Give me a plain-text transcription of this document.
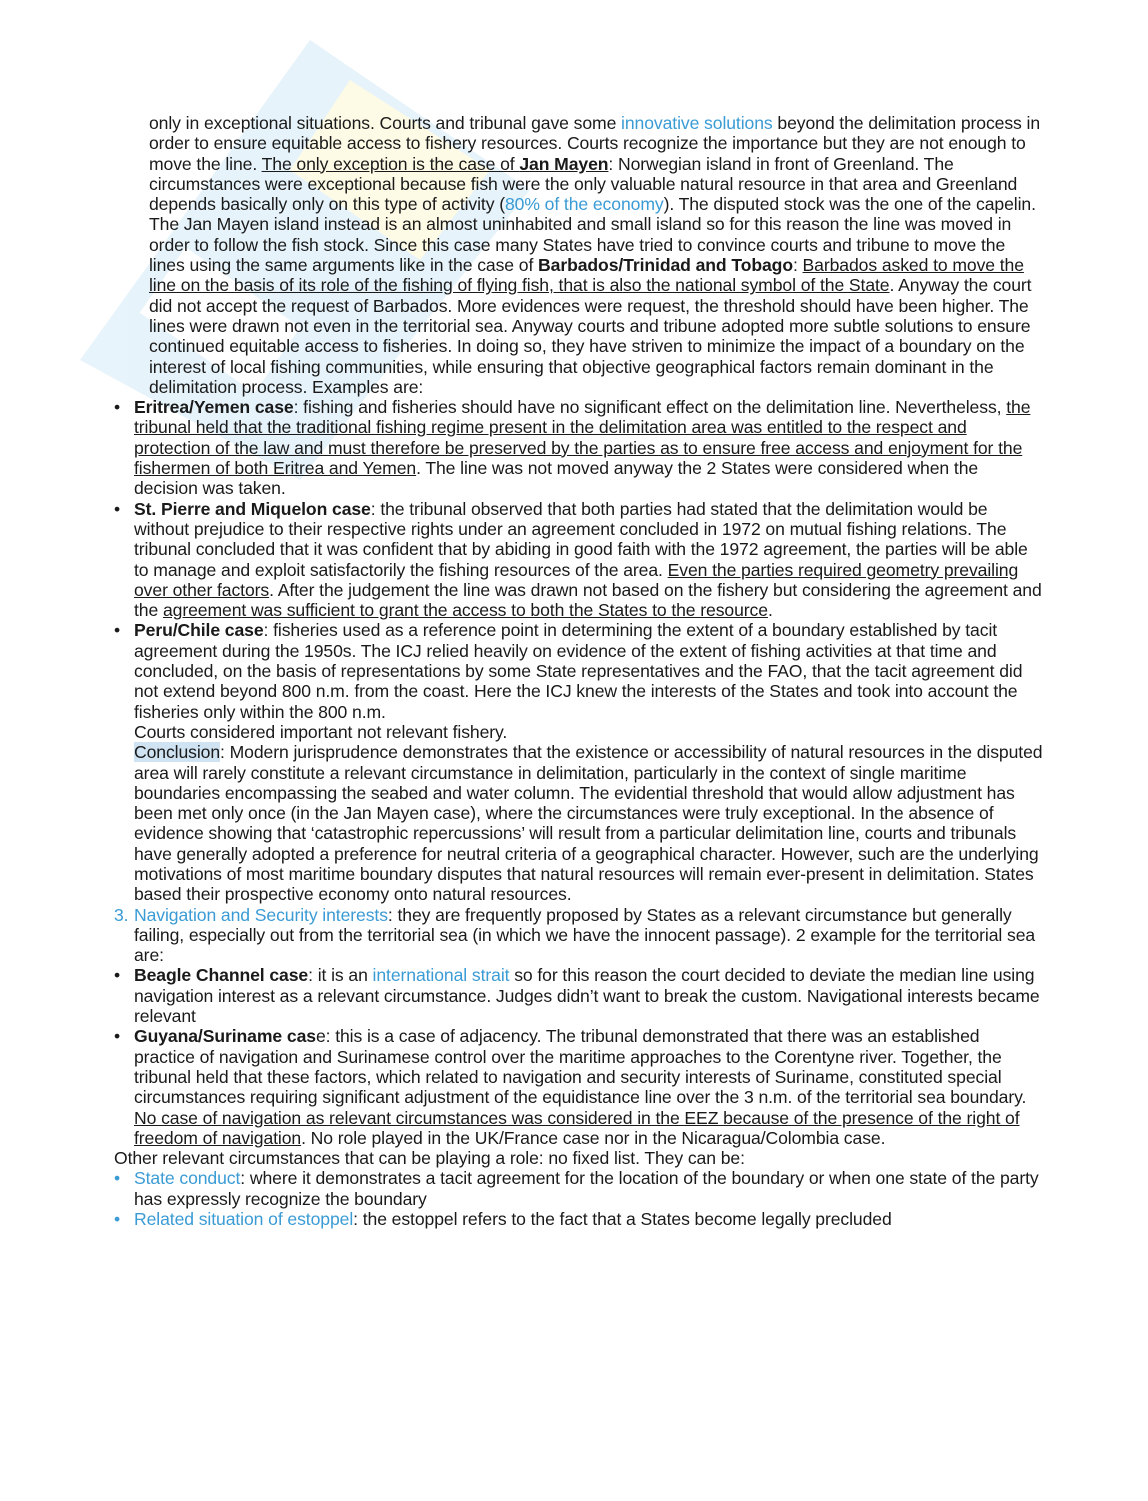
only in exceptional situations. Courts and tribunal gave some innovative solutions beyond the delimitation process in order to ensure equitable access to fishery resources. Courts recognize the importance but they are not enough to move the line. The only exception is the case of Jan Mayen: Norwegian island in front of Greenland. The circumstances were exceptional because fish were the only valuable natural resource in that area and Greenland depends basically only on this type of activity (80% of the economy). The disputed stock was the one of the capelin. The Jan Mayen island instead is an almost uninhabited and small island so for this reason the line was moved in order to follow the fish stock. Since this case many States have tried to convince courts and tribune to move the lines using the same arguments like in the case of Barbados/Trinidad and Tobago: Barbados asked to move the line on the basis of its role of the fishing of flying fish, that is also the national symbol of the State. Anyway the court did not accept the request of Barbados. More evidences were request, the threshold should have been higher. The lines were drawn not even in the territorial sea. Anyway courts and tribune adopted more subtle solutions to ensure continued equitable access to fisheries. In doing so, they have striven to minimize the impact of a boundary on the interest of local fishing communities, while ensuring that objective geographical factors remain dominant in the delimitation process. Examples are:
• Eritrea/Yemen case: fishing and fisheries should have no significant effect on the delimitation line. Nevertheless, the tribunal held that the traditional fishing regime present in the delimitation area was entitled to the respect and protection of the law and must therefore be preserved by the parties as to ensure free access and enjoyment for the fishermen of both Eritrea and Yemen. The line was not moved anyway the 2 States were considered when the decision was taken.
• St. Pierre and Miquelon case: the tribunal observed that both parties had stated that the delimitation would be without prejudice to their respective rights under an agreement concluded in 1972 on mutual fishing relations. The tribunal concluded that it was confident that by abiding in good faith with the 1972 agreement, the parties will be able to manage and exploit satisfactorily the fishing resources of the area. Even the parties required geometry prevailing over other factors. After the judgement the line was drawn not based on the fishery but considering the agreement and the agreement was sufficient to grant the access to both the States to the resource.
• Peru/Chile case: fisheries used as a reference point in determining the extent of a boundary established by tacit agreement during the 1950s. The ICJ relied heavily on evidence of the extent of fishing activities at that time and concluded, on the basis of representations by some State representatives and the FAO, that the tacit agreement did not extend beyond 800 n.m. from the coast. Here the ICJ knew the interests of the States and took into account the fisheries only within the 800 n.m.
Courts considered important not relevant fishery.
Conclusion: Modern jurisprudence demonstrates that the existence or accessibility of natural resources in the disputed area will rarely constitute a relevant circumstance in delimitation, particularly in the context of single maritime boundaries encompassing the seabed and water column. The evidential threshold that would allow adjustment has been met only once (in the Jan Mayen case), where the circumstances were truly exceptional. In the absence of evidence showing that ‘catastrophic repercussions’ will result from a particular delimitation line, courts and tribunals have generally adopted a preference for neutral criteria of a geographical character. However, such are the underlying motivations of most maritime boundary disputes that natural resources will remain ever-present in delimitation. States based their prospective economy onto natural resources.
3. Navigation and Security interests: they are frequently proposed by States as a relevant circumstance but generally failing, especially out from the territorial sea (in which we have the innocent passage). 2 example for the territorial sea are:
• Beagle Channel case: it is an international strait so for this reason the court decided to deviate the median line using navigation interest as a relevant circumstance. Judges didn’t want to break the custom. Navigational interests became relevant
• Guyana/Suriname case: this is a case of adjacency. The tribunal demonstrated that there was an established practice of navigation and Surinamese control over the maritime approaches to the Corentyne river. Together, the tribunal held that these factors, which related to navigation and security interests of Suriname, constituted special circumstances requiring significant adjustment of the equidistance line over the 3 n.m. of the territorial sea boundary.
No case of navigation as relevant circumstances was considered in the EEZ because of the presence of the right of freedom of navigation. No role played in the UK/France case nor in the Nicaragua/Colombia case.
Other relevant circumstances that can be playing a role: no fixed list. They can be:
• State conduct: where it demonstrates a tacit agreement for the location of the boundary or when one state of the party has expressly recognize the boundary
• Related situation of estoppel: the estoppel refers to the fact that a States become legally precluded
